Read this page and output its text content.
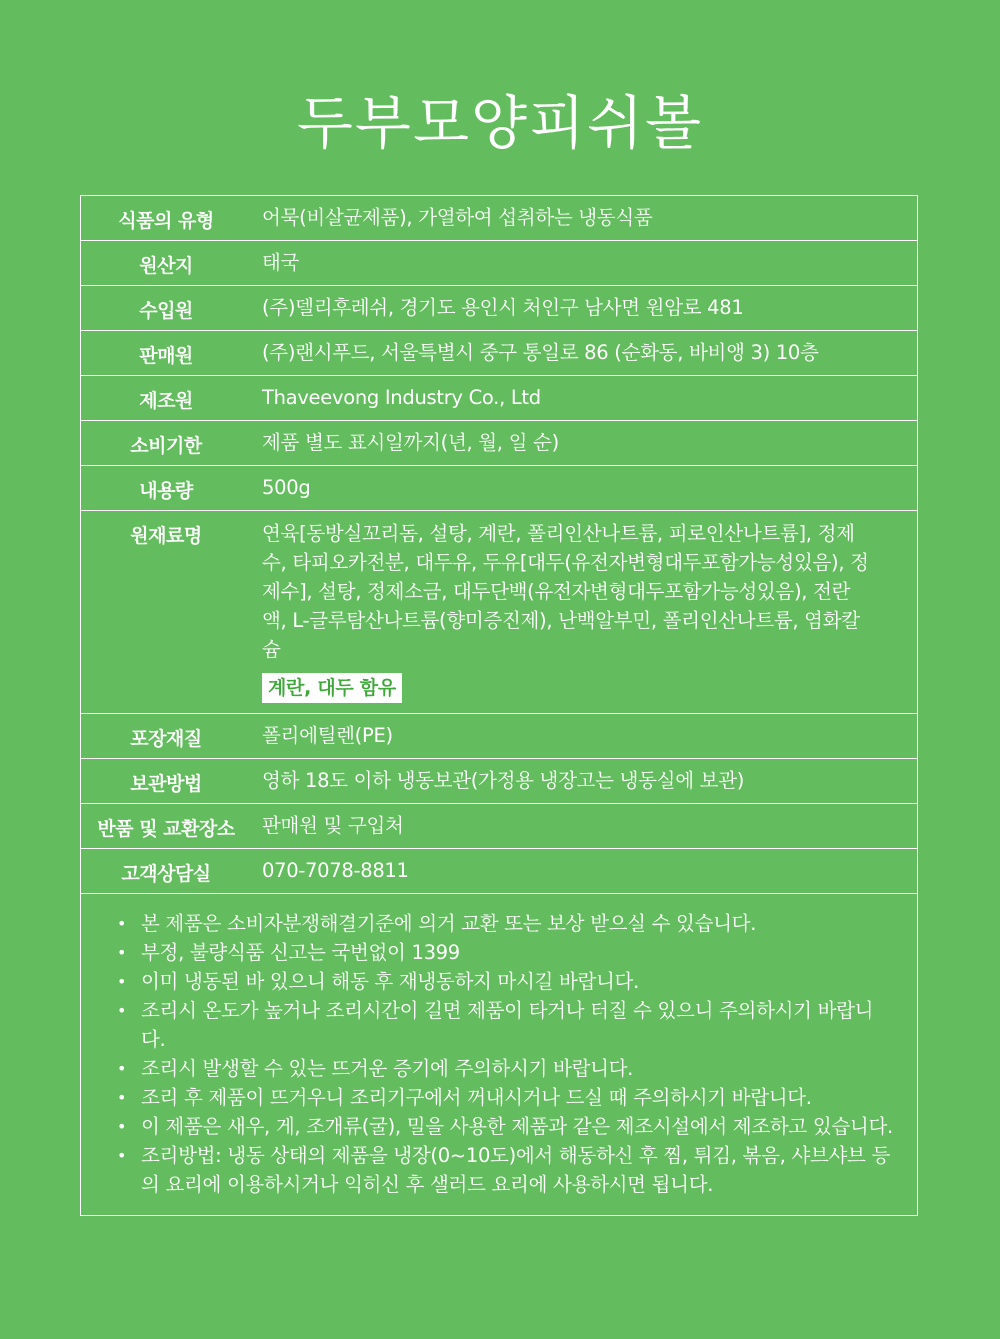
두부모양피쉬볼
식품의 유형	어묵(비살균제품), 가열하여 섭취하는 냉동식품
원산지	태국
수입원	(주)델리후레쉬, 경기도 용인시 처인구 남사면 원암로 481
판매원	(주)랜시푸드, 서울특별시 중구 통일로 86 (순화동, 바비앵 3) 10층
제조원	Thaveevong Industry Co., Ltd
소비기한	제품 별도 표시일까지(년, 월, 일 순)
내용량	500g
원재료명	연육[동방실꼬리돔, 설탕, 계란, 폴리인산나트륨, 피로인산나트륨], 정제수, 타피오카전분, 대두유, 두유[대두(유전자변형대두포함가능성있음), 정제수], 설탕, 정제소금, 대두단백(유전자변형대두포함가능성있음), 전란액, L-글루탐산나트륨(향미증진제), 난백알부민, 폴리인산나트륨, 염화칼슘
계란, 대두 함유
포장재질	폴리에틸렌(PE)
보관방법	영하 18도 이하 냉동보관(가정용 냉장고는 냉동실에 보관)
반품 및 교환장소	판매원 및 구입처
고객상담실	070-7078-8811
• 본 제품은 소비자분쟁해결기준에 의거 교환 또는 보상 받으실 수 있습니다.
• 부정, 불량식품 신고는 국번없이 1399
• 이미 냉동된 바 있으니 해동 후 재냉동하지 마시길 바랍니다.
• 조리시 온도가 높거나 조리시간이 길면 제품이 타거나 터질 수 있으니 주의하시기 바랍니다.
• 조리시 발생할 수 있는 뜨거운 증기에 주의하시기 바랍니다.
• 조리 후 제품이 뜨거우니 조리기구에서 꺼내시거나 드실 때 주의하시기 바랍니다.
• 이 제품은 새우, 게, 조개류(굴), 밀을 사용한 제품과 같은 제조시설에서 제조하고 있습니다.
• 조리방법: 냉동 상태의 제품을 냉장(0~10도)에서 해동하신 후 찜, 튀김, 볶음, 샤브샤브 등의 요리에 이용하시거나 익히신 후 샐러드 요리에 사용하시면 됩니다.
